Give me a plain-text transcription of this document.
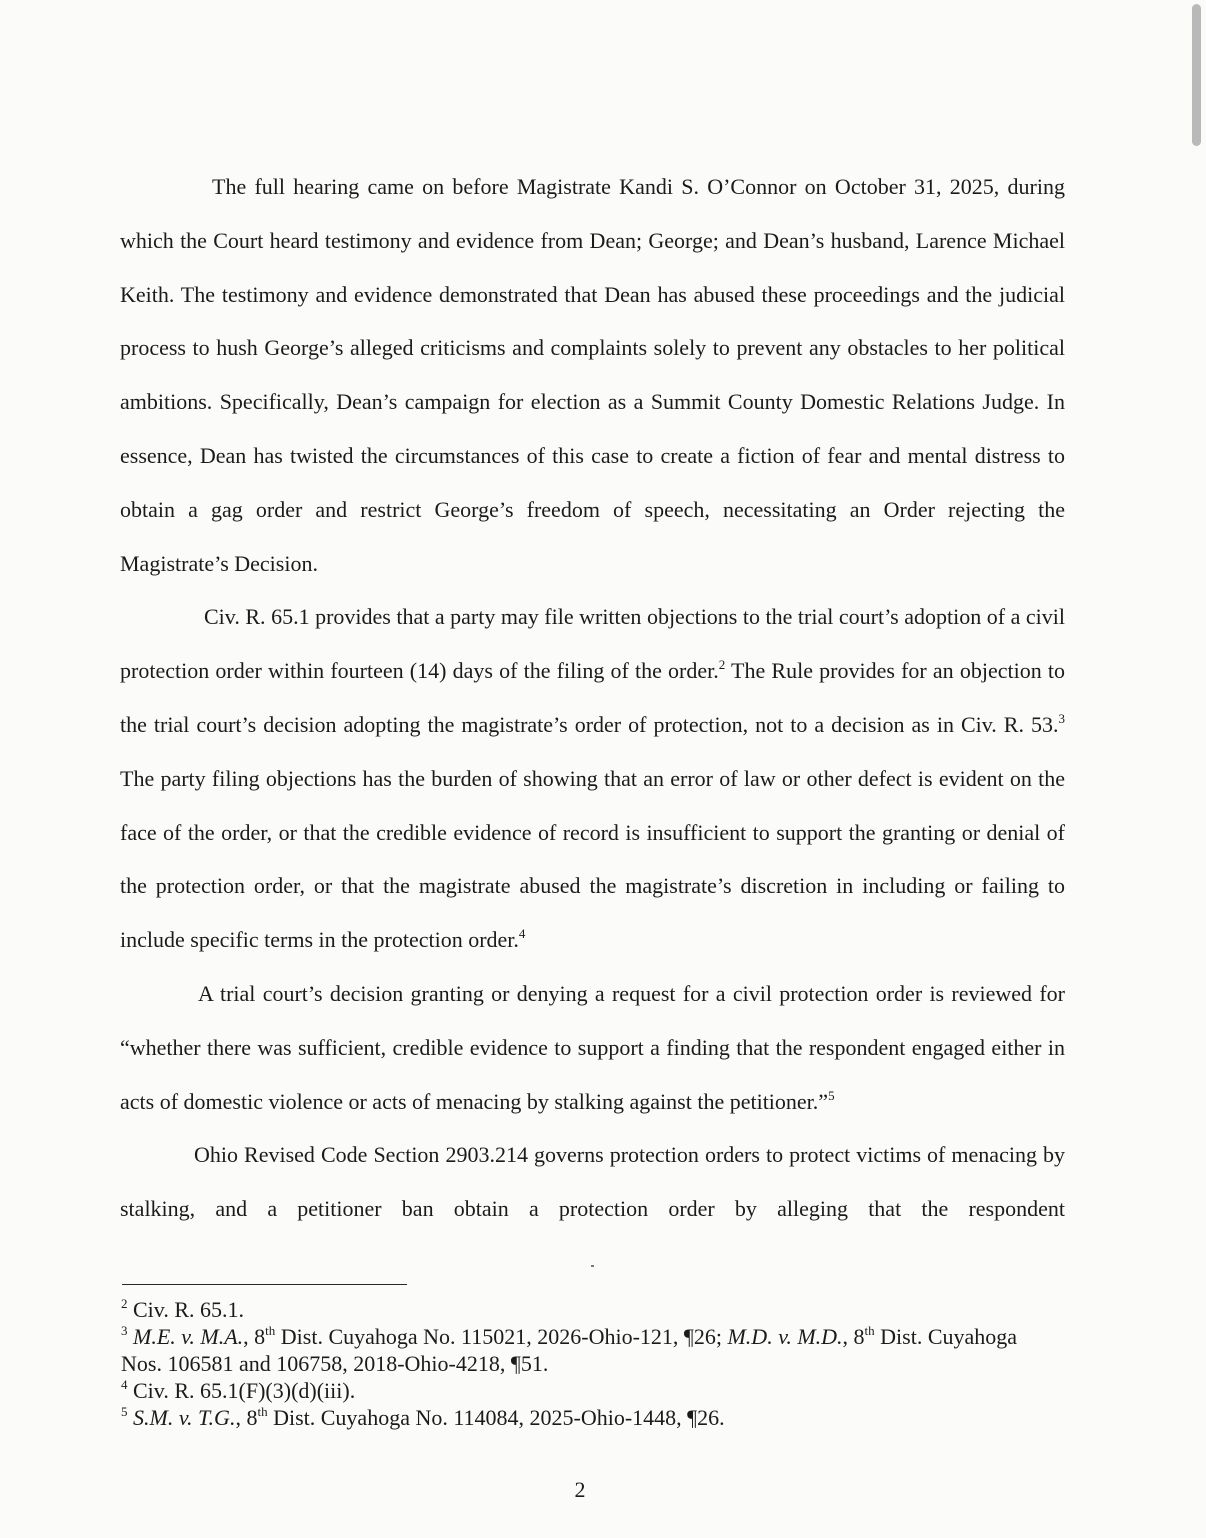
The full hearing came on before Magistrate Kandi S. O’Connor on October 31, 2025, during which the Court heard testimony and evidence from Dean; George; and Dean’s husband, Larence Michael Keith. The testimony and evidence demonstrated that Dean has abused these proceedings and the judicial process to hush George’s alleged criticisms and complaints solely to prevent any obstacles to her political ambitions. Specifically, Dean’s campaign for election as a Summit County Domestic Relations Judge. In essence, Dean has twisted the circumstances of this case to create a fiction of fear and mental distress to obtain a gag order and restrict George’s freedom of speech, necessitating an Order rejecting the Magistrate’s Decision.

Civ. R. 65.1 provides that a party may file written objections to the trial court’s adoption of a civil protection order within fourteen (14) days of the filing of the order.$^2$ The Rule provides for an objection to the trial court’s decision adopting the magistrate’s order of protection, not to a decision as in Civ. R. 53.$^3$ The party filing objections has the burden of showing that an error of law or other defect is evident on the face of the order, or that the credible evidence of record is insufficient to support the granting or denial of the protection order, or that the magistrate abused the magistrate’s discretion in including or failing to include specific terms in the protection order.$^4$

A trial court’s decision granting or denying a request for a civil protection order is reviewed for “whether there was sufficient, credible evidence to support a finding that the respondent engaged either in acts of domestic violence or acts of menacing by stalking against the petitioner.”$^5$

Ohio Revised Code Section 2903.214 governs protection orders to protect victims of menacing by stalking, and a petitioner ban obtain a protection order by alleging that the respondent

$^2$ Civ. R. 65.1.

$^3$ M.E. v. M.A., 8th Dist. Cuyahoga No. 115021, 2026-Ohio-121, ¶26; M.D. v. M.D., 8th Dist. Cuyahoga Nos. 106581 and 106758, 2018-Ohio-4218, ¶51.

$^4$ Civ. R. 65.1(F)(3)(d)(iii).

$^5$ S.M. v. T.G., 8th Dist. Cuyahoga No. 114084, 2025-Ohio-1448, ¶26.

2
